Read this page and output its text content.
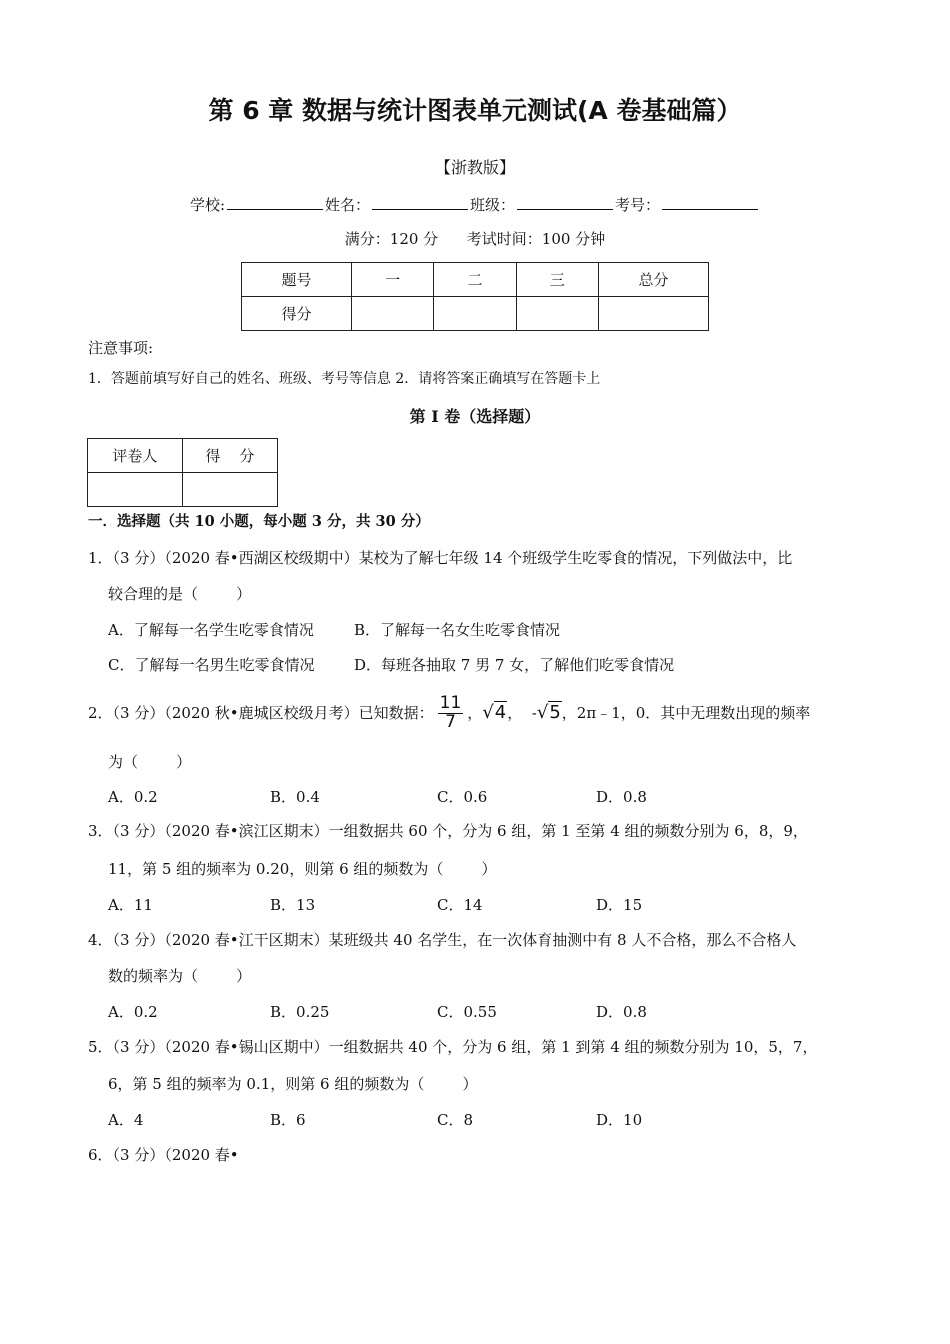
第 6 章 数据与统计图表单元测试(A 卷基础篇）
【浙教版】
学校:	姓名：	班级：	考号：
满分：120 分      考试时间：100 分钟
题号	一	二	三	总分
得分				
注意事项:
1．答题前填写好自己的姓名、班级、考号等信息 2．请将答案正确填写在答题卡上
第 I 卷（选择题）
评卷人	得    分

一．选择题（共 10 小题，每小题 3 分，共 30 分）
1．（3 分）（2020 春•西湖区校级期中）某校为了解七年级 14 个班级学生吃零食的情况，下列做法中，比
较合理的是（        ）
A．了解每一名学生吃零食情况	B．了解每一名女生吃零食情况
C．了解每一名男生吃零食情况	D．每班各抽取 7 男 7 女，了解他们吃零食情况
2．（3 分）（2020 秋•鹿城区校级月考）已知数据： $\frac{11}{7}$ ， √4 ，  - √5 ，2π﹣1，0．其中无理数出现的频率
为（        ）
A．0.2	B．0.4	C．0.6	D．0.8
3．（3 分）（2020 春•滨江区期末）一组数据共 60 个，分为 6 组，第 1 至第 4 组的频数分别为 6，8，9，
11，第 5 组的频率为 0.20，则第 6 组的频数为（        ）
A．11	B．13	C．14	D．15
4．（3 分）（2020 春•江干区期末）某班级共 40 名学生，在一次体育抽测中有 8 人不合格，那么不合格人
数的频率为（        ）
A．0.2	B．0.25	C．0.55	D．0.8
5．（3 分）（2020 春•锡山区期中）一组数据共 40 个，分为 6 组，第 1 到第 4 组的频数分别为 10，5，7，
6，第 5 组的频率为 0.1，则第 6 组的频数为（        ）
A．4	B．6	C．8	D．10
6．（3 分）（2020 春•
